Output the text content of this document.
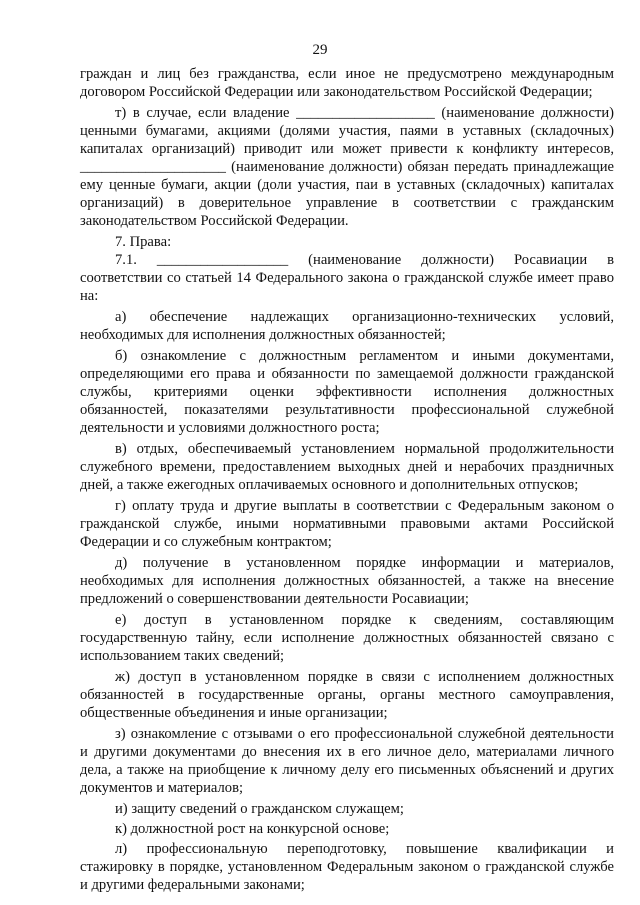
29
граждан и лиц без гражданства, если иное не предусмотрено международным
договором Российской Федерации или законодательством Российской Федерации;
т) в случае, если владение ___________________ (наименование должности)
ценными бумагами, акциями (долями участия, паями в уставных (складочных)
капиталах организаций) приводит или может привести к конфликту интересов,
____________________ (наименование должности) обязан передать принадлежащие
ему ценные бумаги, акции (доли участия, паи в уставных (складочных) капиталах
организаций) в доверительное управление в соответствии с гражданским
законодательством Российской Федерации.
7. Права:
7.1. __________________ (наименование должности) Росавиации в
соответствии со статьей 14 Федерального закона о гражданской службе имеет право
на:
а) обеспечение надлежащих организационно-технических условий,
необходимых для исполнения должностных обязанностей;
б) ознакомление с должностным регламентом и иными документами,
определяющими его права и обязанности по замещаемой должности гражданской
службы, критериями оценки эффективности исполнения должностных
обязанностей, показателями результативности профессиональной служебной
деятельности и условиями должностного роста;
в) отдых, обеспечиваемый установлением нормальной продолжительности
служебного времени, предоставлением выходных дней и нерабочих праздничных
дней, а также ежегодных оплачиваемых основного и дополнительных отпусков;
г) оплату труда и другие выплаты в соответствии с Федеральным законом о
гражданской службе, иными нормативными правовыми актами Российской
Федерации и со служебным контрактом;
д) получение в установленном порядке информации и материалов,
необходимых для исполнения должностных обязанностей, а также на внесение
предложений о совершенствовании деятельности Росавиации;
е) доступ в установленном порядке к сведениям, составляющим
государственную тайну, если исполнение должностных обязанностей связано с
использованием таких сведений;
ж) доступ в установленном порядке в связи с исполнением должностных
обязанностей в государственные органы, органы местного самоуправления,
общественные объединения и иные организации;
з) ознакомление с отзывами о его профессиональной служебной деятельности
и другими документами до внесения их в его личное дело, материалами личного
дела, а также на приобщение к личному делу его письменных объяснений и других
документов и материалов;
и) защиту сведений о гражданском служащем;
к) должностной рост на конкурсной основе;
л) профессиональную переподготовку, повышение квалификации и
стажировку в порядке, установленном Федеральным законом о гражданской службе
и другими федеральными законами;
